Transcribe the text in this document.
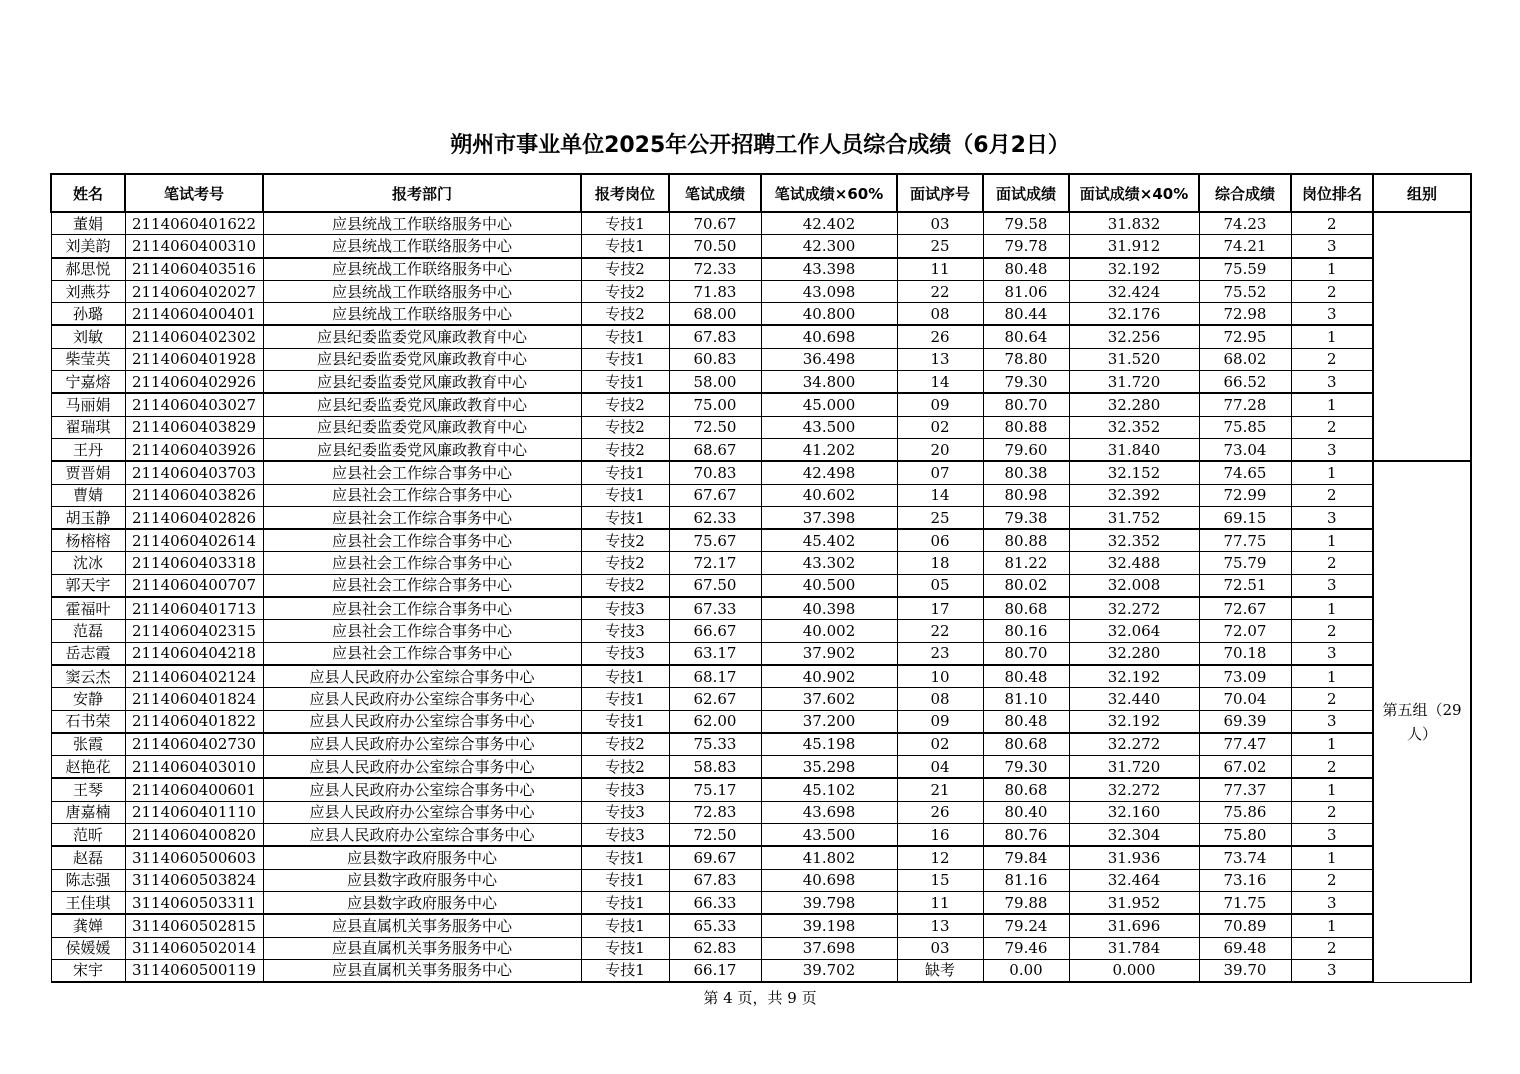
朔州市事业单位2025年公开招聘工作人员综合成绩（6月2日）
姓名	笔试考号	报考部门	报考岗位	笔试成绩	笔试成绩×60%	面试序号	面试成绩	面试成绩×40%	综合成绩	岗位排名	组别
董娟	2114060401622	应县统战工作联络服务中心	专技1	70.67	42.402	03	79.58	31.832	74.23	2	
刘美韵	2114060400310	应县统战工作联络服务中心	专技1	70.50	42.300	25	79.78	31.912	74.21	3	
郝思悦	2114060403516	应县统战工作联络服务中心	专技2	72.33	43.398	11	80.48	32.192	75.59	1	
刘燕芬	2114060402027	应县统战工作联络服务中心	专技2	71.83	43.098	22	81.06	32.424	75.52	2	
孙璐	2114060400401	应县统战工作联络服务中心	专技2	68.00	40.800	08	80.44	32.176	72.98	3	
刘敏	2114060402302	应县纪委监委党风廉政教育中心	专技1	67.83	40.698	26	80.64	32.256	72.95	1	
柴莹英	2114060401928	应县纪委监委党风廉政教育中心	专技1	60.83	36.498	13	78.80	31.520	68.02	2	
宁嘉熔	2114060402926	应县纪委监委党风廉政教育中心	专技1	58.00	34.800	14	79.30	31.720	66.52	3	
马丽娟	2114060403027	应县纪委监委党风廉政教育中心	专技2	75.00	45.000	09	80.70	32.280	77.28	1	
翟瑞琪	2114060403829	应县纪委监委党风廉政教育中心	专技2	72.50	43.500	02	80.88	32.352	75.85	2	
王丹	2114060403926	应县纪委监委党风廉政教育中心	专技2	68.67	41.202	20	79.60	31.840	73.04	3	
贾晋娟	2114060403703	应县社会工作综合事务中心	专技1	70.83	42.498	07	80.38	32.152	74.65	1	第五组（29人）
曹婧	2114060403826	应县社会工作综合事务中心	专技1	67.67	40.602	14	80.98	32.392	72.99	2	
胡玉静	2114060402826	应县社会工作综合事务中心	专技1	62.33	37.398	25	79.38	31.752	69.15	3	
杨榕榕	2114060402614	应县社会工作综合事务中心	专技2	75.67	45.402	06	80.88	32.352	77.75	1	
沈冰	2114060403318	应县社会工作综合事务中心	专技2	72.17	43.302	18	81.22	32.488	75.79	2	
郭天宇	2114060400707	应县社会工作综合事务中心	专技2	67.50	40.500	05	80.02	32.008	72.51	3	
霍福叶	2114060401713	应县社会工作综合事务中心	专技3	67.33	40.398	17	80.68	32.272	72.67	1	
范磊	2114060402315	应县社会工作综合事务中心	专技3	66.67	40.002	22	80.16	32.064	72.07	2	
岳志霞	2114060404218	应县社会工作综合事务中心	专技3	63.17	37.902	23	80.70	32.280	70.18	3	
窦云杰	2114060402124	应县人民政府办公室综合事务中心	专技1	68.17	40.902	10	80.48	32.192	73.09	1	
安静	2114060401824	应县人民政府办公室综合事务中心	专技1	62.67	37.602	08	81.10	32.440	70.04	2	
石书荣	2114060401822	应县人民政府办公室综合事务中心	专技1	62.00	37.200	09	80.48	32.192	69.39	3	
张霞	2114060402730	应县人民政府办公室综合事务中心	专技2	75.33	45.198	02	80.68	32.272	77.47	1	
赵艳花	2114060403010	应县人民政府办公室综合事务中心	专技2	58.83	35.298	04	79.30	31.720	67.02	2	
王琴	2114060400601	应县人民政府办公室综合事务中心	专技3	75.17	45.102	21	80.68	32.272	77.37	1	
唐嘉楠	2114060401110	应县人民政府办公室综合事务中心	专技3	72.83	43.698	26	80.40	32.160	75.86	2	
范昕	2114060400820	应县人民政府办公室综合事务中心	专技3	72.50	43.500	16	80.76	32.304	75.80	3	
赵磊	3114060500603	应县数字政府服务中心	专技1	69.67	41.802	12	79.84	31.936	73.74	1	
陈志强	3114060503824	应县数字政府服务中心	专技1	67.83	40.698	15	81.16	32.464	73.16	2	
王佳琪	3114060503311	应县数字政府服务中心	专技1	66.33	39.798	11	79.88	31.952	71.75	3	
龚婵	3114060502815	应县直属机关事务服务中心	专技1	65.33	39.198	13	79.24	31.696	70.89	1	
侯媛媛	3114060502014	应县直属机关事务服务中心	专技1	62.83	37.698	03	79.46	31.784	69.48	2	
宋宇	3114060500119	应县直属机关事务服务中心	专技1	66.17	39.702	缺考	0.00	0.000	39.70	3	
第 4 页，共 9 页
